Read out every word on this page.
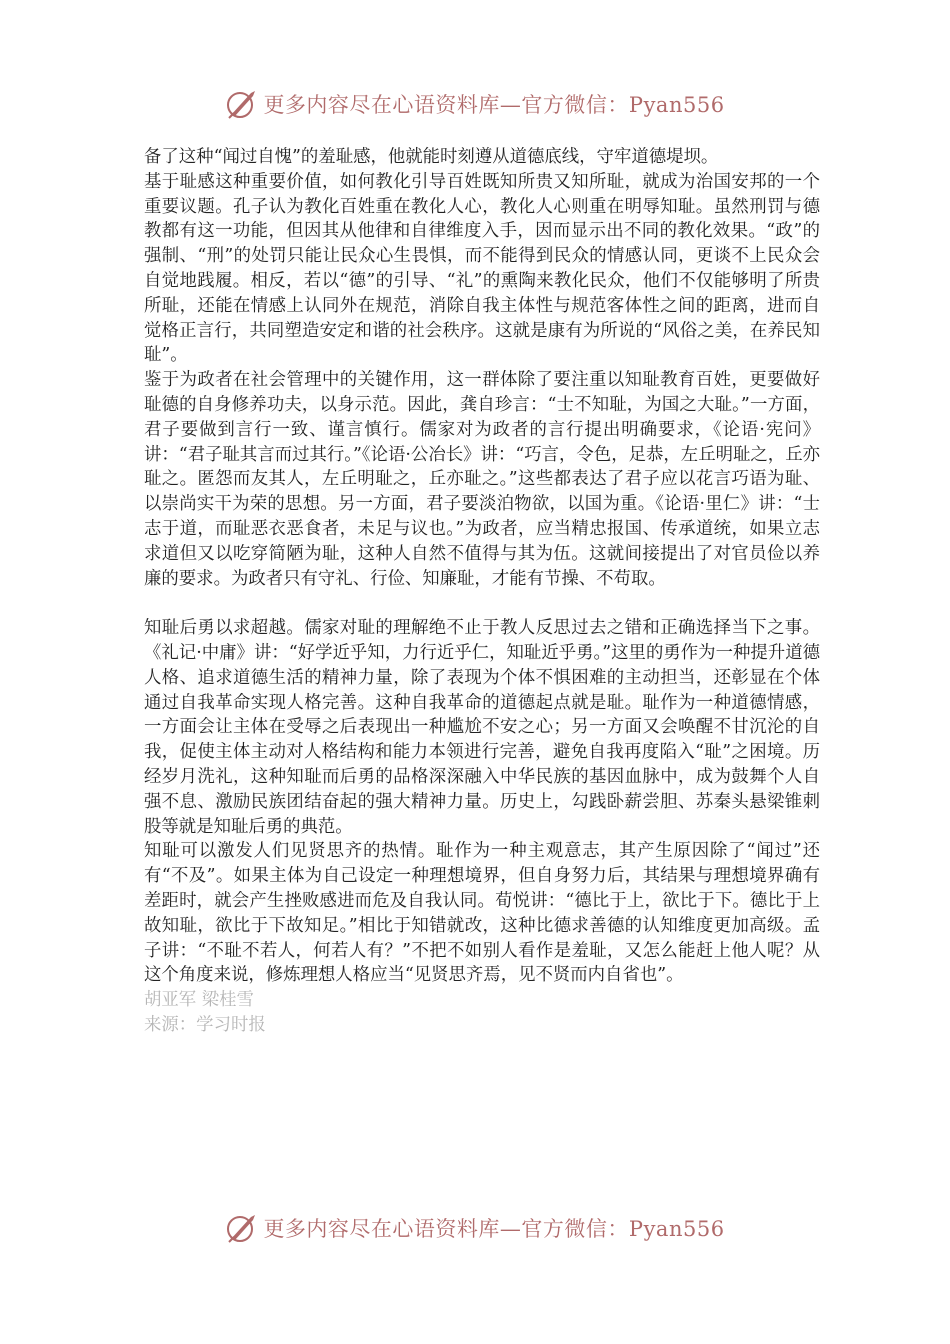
更多内容尽在心语资料库—官方微信：Pyan556

备了这种“闻过自愧”的羞耻感，他就能时刻遵从道德底线，守牢道德堤坝。

基于耻感这种重要价值，如何教化引导百姓既知所贵又知所耻，就成为治国安邦的一个重要议题。孔子认为教化百姓重在教化人心，教化人心则重在明辱知耻。虽然刑罚与德教都有这一功能，但因其从他律和自律维度入手，因而显示出不同的教化效果。“政”的强制、“刑”的处罚只能让民众心生畏惧，而不能得到民众的情感认同，更谈不上民众会自觉地践履。相反，若以“德”的引导、“礼”的熏陶来教化民众，他们不仅能够明了所贵所耻，还能在情感上认同外在规范，消除自我主体性与规范客体性之间的距离，进而自觉格正言行，共同塑造安定和谐的社会秩序。这就是康有为所说的“风俗之美，在养民知耻”。

鉴于为政者在社会管理中的关键作用，这一群体除了要注重以知耻教育百姓，更要做好耻德的自身修养功夫，以身示范。因此，龚自珍言：“士不知耻，为国之大耻。”一方面，君子要做到言行一致、谨言慎行。儒家对为政者的言行提出明确要求，《论语·宪问》讲：“君子耻其言而过其行。”《论语·公冶长》讲：“巧言，令色，足恭，左丘明耻之，丘亦耻之。匿怨而友其人，左丘明耻之，丘亦耻之。”这些都表达了君子应以花言巧语为耻、以崇尚实干为荣的思想。另一方面，君子要淡泊物欲，以国为重。《论语·里仁》讲：“士志于道，而耻恶衣恶食者，未足与议也。”为政者，应当精忠报国、传承道统，如果立志求道但又以吃穿简陋为耻，这种人自然不值得与其为伍。这就间接提出了对官员俭以养廉的要求。为政者只有守礼、行俭、知廉耻，才能有节操、不苟取。

知耻后勇以求超越。儒家对耻的理解绝不止于教人反思过去之错和正确选择当下之事。《礼记·中庸》讲：“好学近乎知，力行近乎仁，知耻近乎勇。”这里的勇作为一种提升道德人格、追求道德生活的精神力量，除了表现为个体不惧困难的主动担当，还彰显在个体通过自我革命实现人格完善。这种自我革命的道德起点就是耻。耻作为一种道德情感，一方面会让主体在受辱之后表现出一种尴尬不安之心；另一方面又会唤醒不甘沉沦的自我，促使主体主动对人格结构和能力本领进行完善，避免自我再度陷入“耻”之困境。历经岁月洗礼，这种知耻而后勇的品格深深融入中华民族的基因血脉中，成为鼓舞个人自强不息、激励民族团结奋起的强大精神力量。历史上，勾践卧薪尝胆、苏秦头悬梁锥刺股等就是知耻后勇的典范。

知耻可以激发人们见贤思齐的热情。耻作为一种主观意志，其产生原因除了“闻过”还有“不及”。如果主体为自己设定一种理想境界，但自身努力后，其结果与理想境界确有差距时，就会产生挫败感进而危及自我认同。荀悦讲：“德比于上，欲比于下。德比于上故知耻，欲比于下故知足。”相比于知错就改，这种比德求善德的认知维度更加高级。孟子讲：“不耻不若人，何若人有？”不把不如别人看作是羞耻，又怎么能赶上他人呢？从这个角度来说，修炼理想人格应当“见贤思齐焉，见不贤而内自省也”。

胡亚军 梁桂雪
来源：学习时报
更多内容尽在心语资料库—官方微信：Pyan556
